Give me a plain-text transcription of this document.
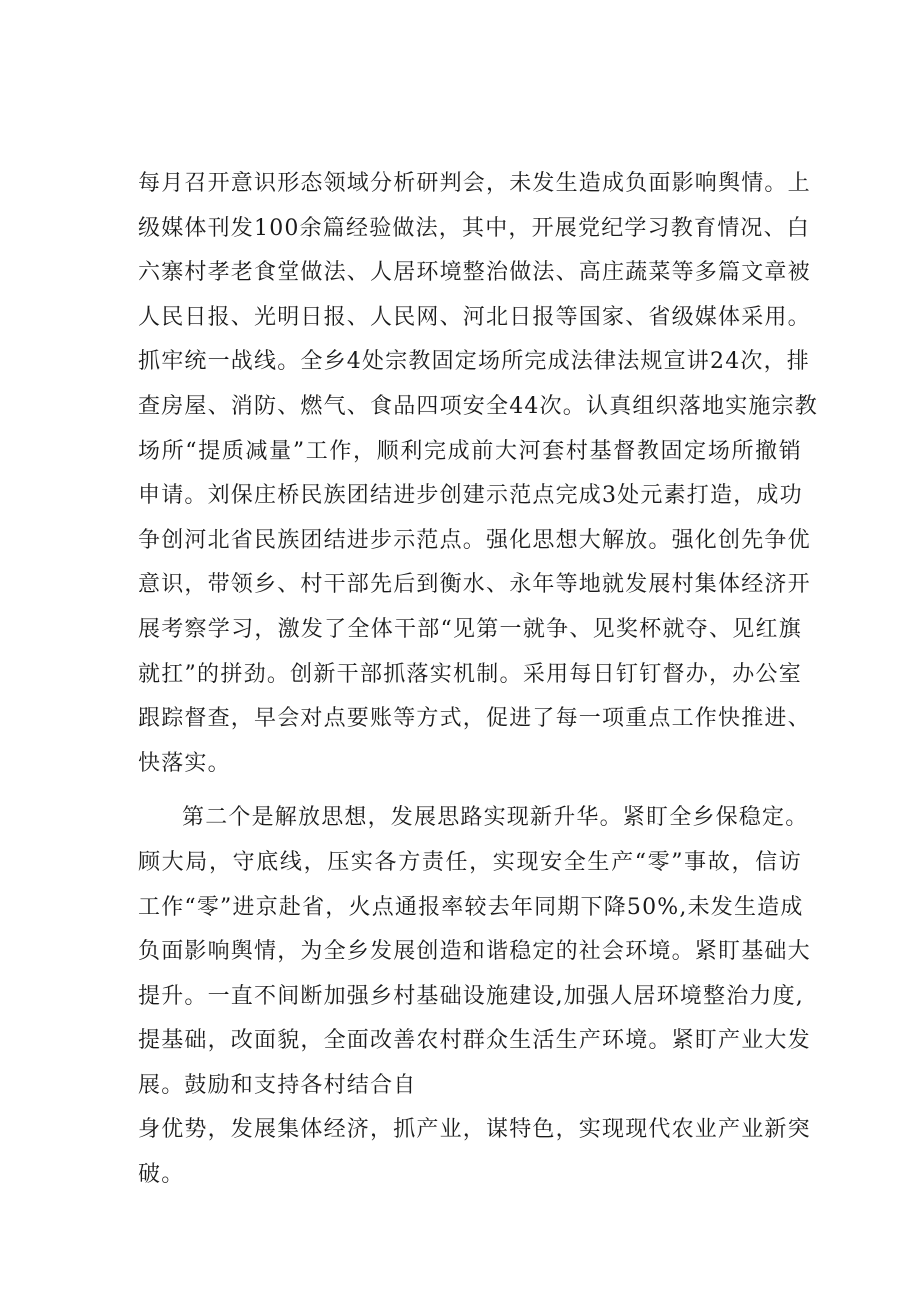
每月召开意识形态领域分析研判会，未发生造成负面影响舆情。上
级媒体刊发100余篇经验做法，其中，开展党纪学习教育情况、白
六寨村孝老食堂做法、人居环境整治做法、高庄蔬菜等多篇文章被
人民日报、光明日报、人民网、河北日报等国家、省级媒体采用。
抓牢统一战线。全乡4处宗教固定场所完成法律法规宣讲24次，排
查房屋、消防、燃气、食品四项安全44次。认真组织落地实施宗教
场所“提质减量”工作，顺利完成前大河套村基督教固定场所撤销
申请。刘保庄桥民族团结进步创建示范点完成3处元素打造，成功
争创河北省民族团结进步示范点。强化思想大解放。强化创先争优
意识，带领乡、村干部先后到衡水、永年等地就发展村集体经济开
展考察学习，激发了全体干部“见第一就争、见奖杯就夺、见红旗
就扛”的拼劲。创新干部抓落实机制。采用每日钉钉督办，办公室
跟踪督查，早会对点要账等方式，促进了每一项重点工作快推进、
快落实。
第二个是解放思想，发展思路实现新升华。紧盯全乡保稳定。
顾大局，守底线，压实各方责任，实现安全生产“零”事故，信访
工作“零”进京赴省，火点通报率较去年同期下降50%,未发生造成
负面影响舆情，为全乡发展创造和谐稳定的社会环境。紧盯基础大
提升。一直不间断加强乡村基础设施建设,加强人居环境整治力度,
提基础，改面貌，全面改善农村群众生活生产环境。紧盯产业大发
展。鼓励和支持各村结合自
身优势，发展集体经济，抓产业，谋特色，实现现代农业产业新突
破。
